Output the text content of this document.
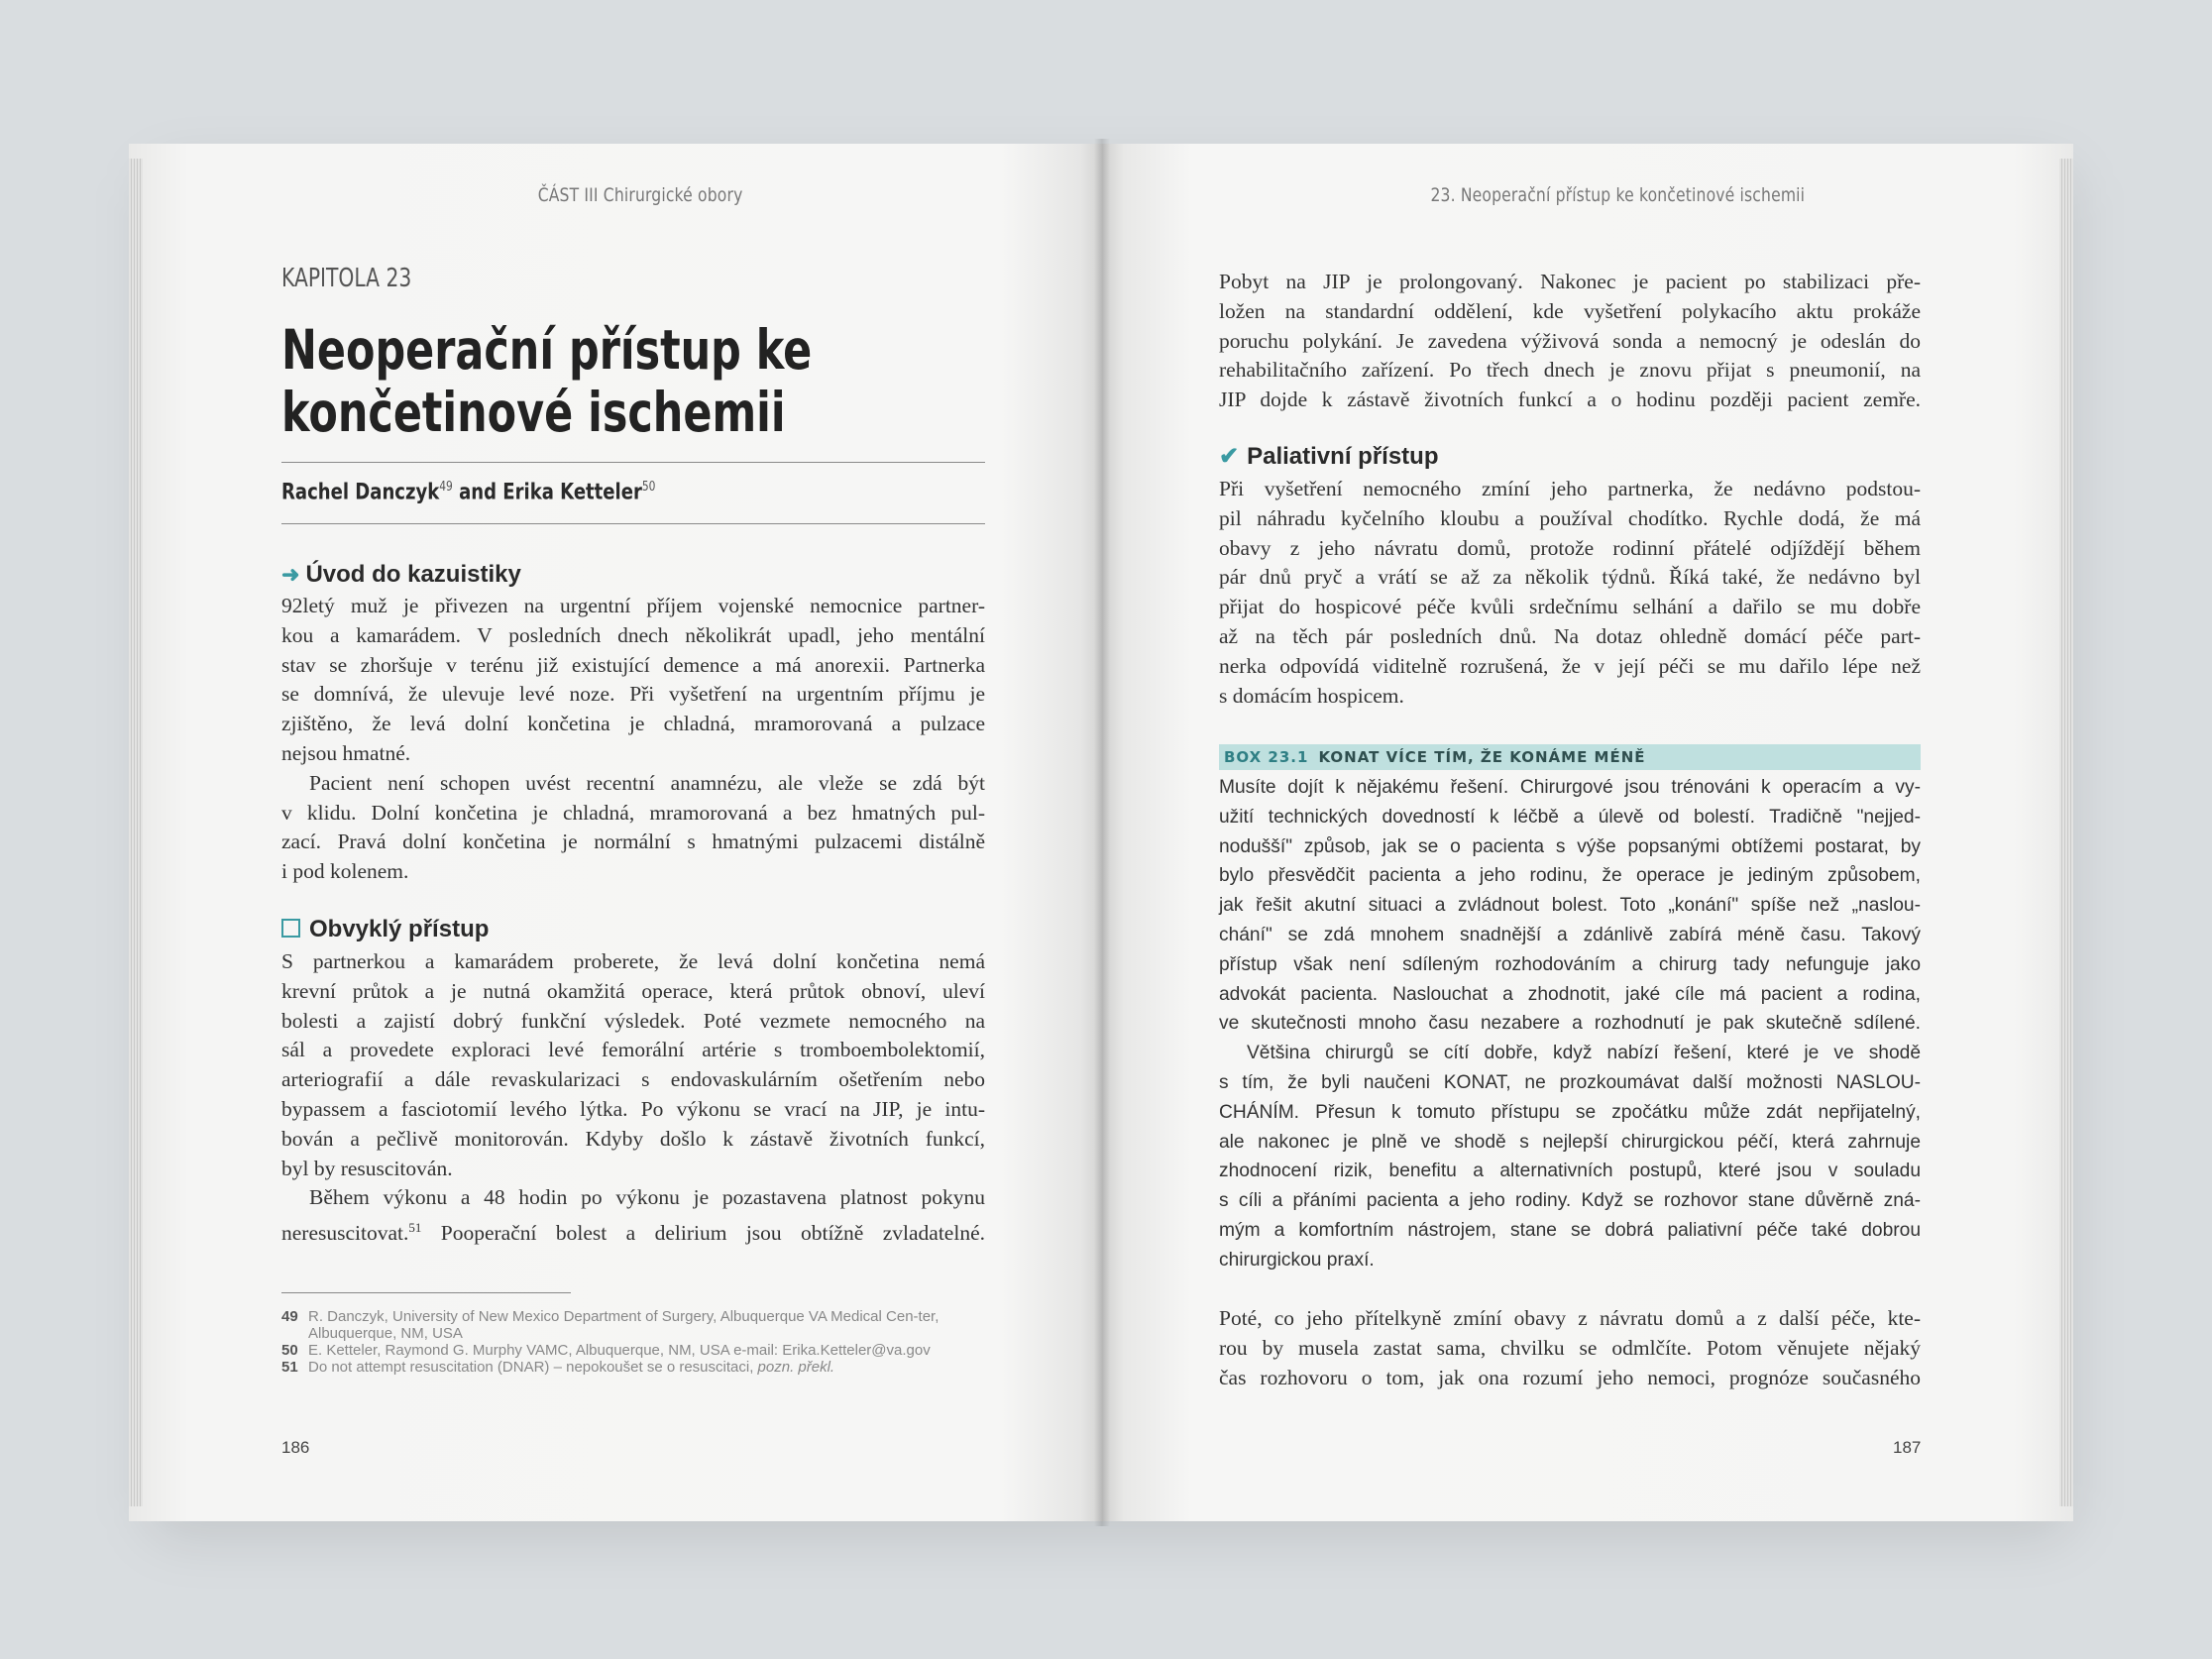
ČÁST III Chirurgické obory
KAPITOLA 23
Neoperační přístup ke
končetinové ischemii
Rachel Danczyk$^{49}$ and Erika Ketteler$^{50}$
➜ Úvod do kazuistiky

92letý muž je přivezen na urgentní příjem vojenské nemocnice partner-

kou a kamarádem. V posledních dnech několikrát upadl, jeho mentální

stav se zhoršuje v terénu již existující demence a má anorexii. Partnerka

se domnívá, že ulevuje levé noze. Při vyšetření na urgentním příjmu je

zjištěno, že levá dolní končetina je chladná, mramorovaná a pulzace

nejsou hmatné.

Pacient není schopen uvést recentní anamnézu, ale vleže se zdá být

v klidu. Dolní končetina je chladná, mramorovaná a bez hmatných pul-

zací. Pravá dolní končetina je normální s hmatnými pulzacemi distálně

i pod kolenem.

Obvyklý přístup

S partnerkou a kamarádem proberete, že levá dolní končetina nemá

krevní průtok a je nutná okamžitá operace, která průtok obnoví, uleví

bolesti a zajistí dobrý funkční výsledek. Poté vezmete nemocného na

sál a provedete exploraci levé femorální artérie s tromboembolektomií,

arteriografií a dále revaskularizaci s endovaskulárním ošetřením nebo

bypassem a fasciotomií levého lýtka. Po výkonu se vrací na JIP, je intu-

bován a pečlivě monitorován. Kdyby došlo k zástavě životních funkcí,

byl by resuscitován.

Během výkonu a 48 hodin po výkonu je pozastavena platnost pokynu

neresuscitovat.$^{51}$ Pooperační bolest a delirium jsou obtížně zvladatelné.

49 R. Danczyk, University of New Mexico Department of Surgery, Albuquerque VA Medical Cen-ter, Albuquerque, NM, USA
50 E. Ketteler, Raymond G. Murphy VAMC, Albuquerque, NM, USA e-mail: Erika.Ketteler@va.gov
51 Do not attempt resuscitation (DNAR) – nepokoušet se o resuscitaci, pozn. překl.
186
23. Neoperační přístup ke končetinové ischemii

Pobyt na JIP je prolongovaný. Nakonec je pacient po stabilizaci pře-

ložen na standardní oddělení, kde vyšetření polykacího aktu prokáže

poruchu polykání. Je zavedena výživová sonda a nemocný je odeslán do

rehabilitačního zařízení. Po třech dnech je znovu přijat s pneumonií, na

JIP dojde k zástavě životních funkcí a o hodinu později pacient zemře.

✔ Paliativní přístup

Při vyšetření nemocného zmíní jeho partnerka, že nedávno podstou-

pil náhradu kyčelního kloubu a používal chodítko. Rychle dodá, že má

obavy z jeho návratu domů, protože rodinní přátelé odjíždějí během

pár dnů pryč a vrátí se až za několik týdnů. Říká také, že nedávno byl

přijat do hospicové péče kvůli srdečnímu selhání a dařilo se mu dobře

až na těch pár posledních dnů. Na dotaz ohledně domácí péče part-

nerka odpovídá viditelně rozrušená, že v její péči se mu dařilo lépe než

s domácím hospicem.

BOX 23.1 KONAT VÍCE TÍM, ŽE KONÁME MÉNĚ

Musíte dojít k nějakému řešení. Chirurgové jsou trénováni k operacím a vy-

užití technických dovedností k léčbě a úlevě od bolestí. Tradičně "nejjed-

nodušší" způsob, jak se o pacienta s výše popsanými obtížemi postarat, by

bylo přesvědčit pacienta a jeho rodinu, že operace je jediným způsobem,

jak řešit akutní situaci a zvládnout bolest. Toto „konání" spíše než „naslou-

chání" se zdá mnohem snadnější a zdánlivě zabírá méně času. Takový

přístup však není sdíleným rozhodováním a chirurg tady nefunguje jako

advokát pacienta. Naslouchat a zhodnotit, jaké cíle má pacient a rodina,

ve skutečnosti mnoho času nezabere a rozhodnutí je pak skutečně sdílené.

Většina chirurgů se cítí dobře, když nabízí řešení, které je ve shodě

s tím, že byli naučeni KONAT, ne prozkoumávat další možnosti NASLOU-

CHÁNÍM. Přesun k tomuto přístupu se zpočátku může zdát nepřijatelný,

ale nakonec je plně ve shodě s nejlepší chirurgickou péčí, která zahrnuje

zhodnocení rizik, benefitu a alternativních postupů, které jsou v souladu

s cíli a přáními pacienta a jeho rodiny. Když se rozhovor stane důvěrně zná-

mým a komfortním nástrojem, stane se dobrá paliativní péče také dobrou

chirurgickou praxí.

Poté, co jeho přítelkyně zmíní obavy z návratu domů a z další péče, kte-

rou by musela zastat sama, chvilku se odmlčíte. Potom věnujete nějaký

čas rozhovoru o tom, jak ona rozumí jeho nemoci, prognóze současného

187
